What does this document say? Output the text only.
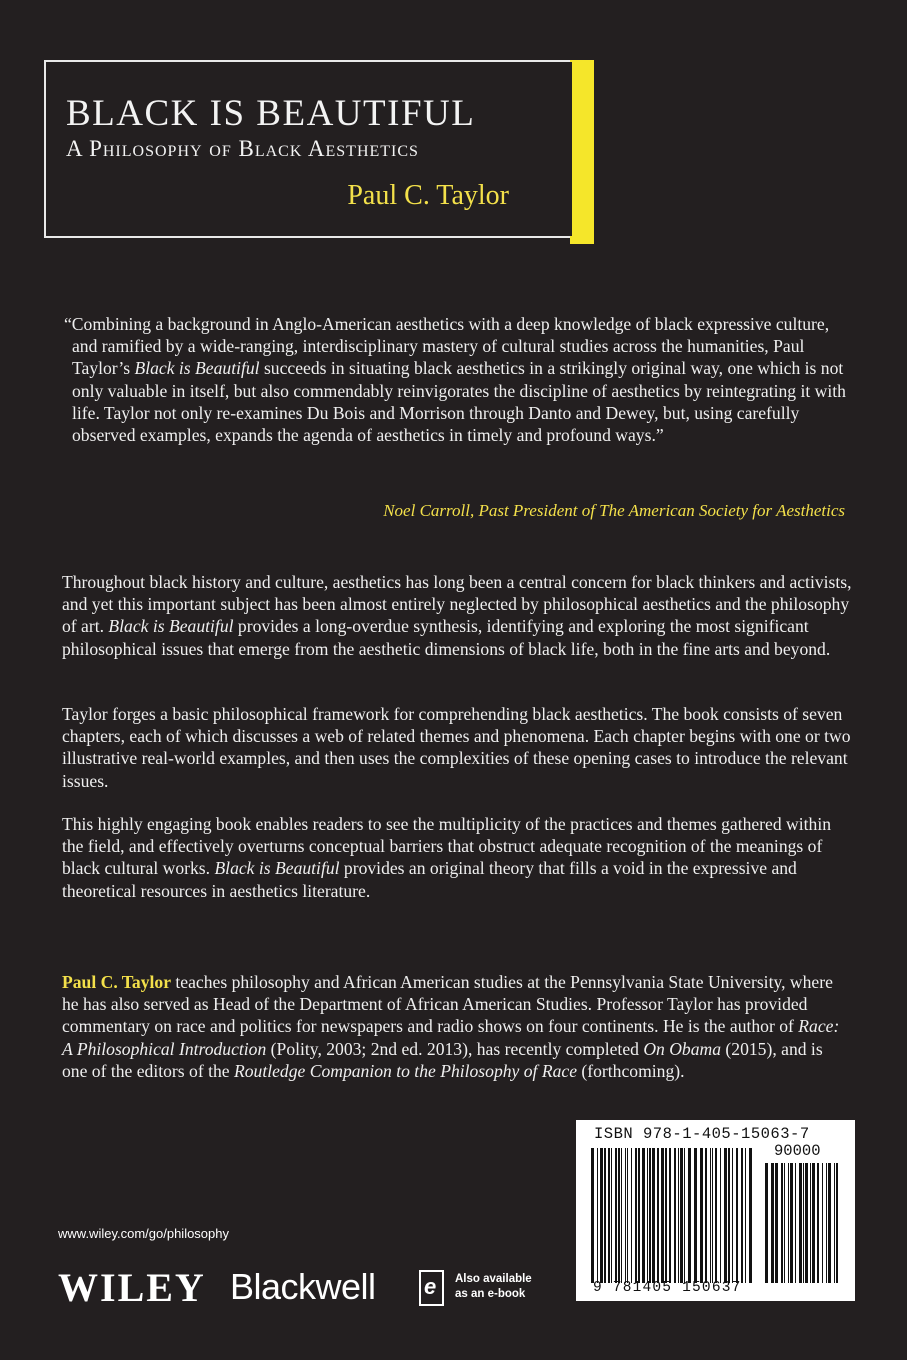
BLACK IS BEAUTIFUL
A Philosophy of Black Aesthetics
Paul C. Taylor

“Combining a background in Anglo-American aesthetics with a deep knowledge of black expressive culture, and ramified by a wide-ranging, interdisciplinary mastery of cultural studies across the humanities, Paul Taylor’s Black is Beautiful succeeds in situating black aesthetics in a strikingly original way, one which is not only valuable in itself, but also commendably reinvigorates the discipline of aesthetics by reintegrating it with life. Taylor not only re-examines Du Bois and Morrison through Danto and Dewey, but, using carefully observed examples, expands the agenda of aesthetics in timely and profound ways.”

Noel Carroll, Past President of The American Society for Aesthetics

Throughout black history and culture, aesthetics has long been a central concern for black thinkers and activists, and yet this important subject has been almost entirely neglected by philosophical aesthetics and the philosophy of art. Black is Beautiful provides a long-overdue synthesis, identifying and exploring the most significant philosophical issues that emerge from the aesthetic dimensions of black life, both in the fine arts and beyond.

Taylor forges a basic philosophical framework for comprehending black aesthetics. The book consists of seven chapters, each of which discusses a web of related themes and phenomena. Each chapter begins with one or two illustrative real-world examples, and then uses the complexities of these opening cases to introduce the relevant issues.

This highly engaging book enables readers to see the multiplicity of the practices and themes gathered within the field, and effectively overturns conceptual barriers that obstruct adequate recognition of the meanings of black cultural works. Black is Beautiful provides an original theory that fills a void in the expressive and theoretical resources in aesthetics literature.

Paul C. Taylor teaches philosophy and African American studies at the Pennsylvania State University, where he has also served as Head of the Department of African American Studies. Professor Taylor has provided commentary on race and politics for newspapers and radio shows on four continents. He is the author of Race: A Philosophical Introduction (Polity, 2003; 2nd ed. 2013), has recently completed On Obama (2015), and is one of the editors of the Routledge Companion to the Philosophy of Race (forthcoming).

www.wiley.com/go/philosophy
WILEY Blackwell e Also available
as an e-book
ISBN 978-1-405-15063-7
90000
9 781405 150637
